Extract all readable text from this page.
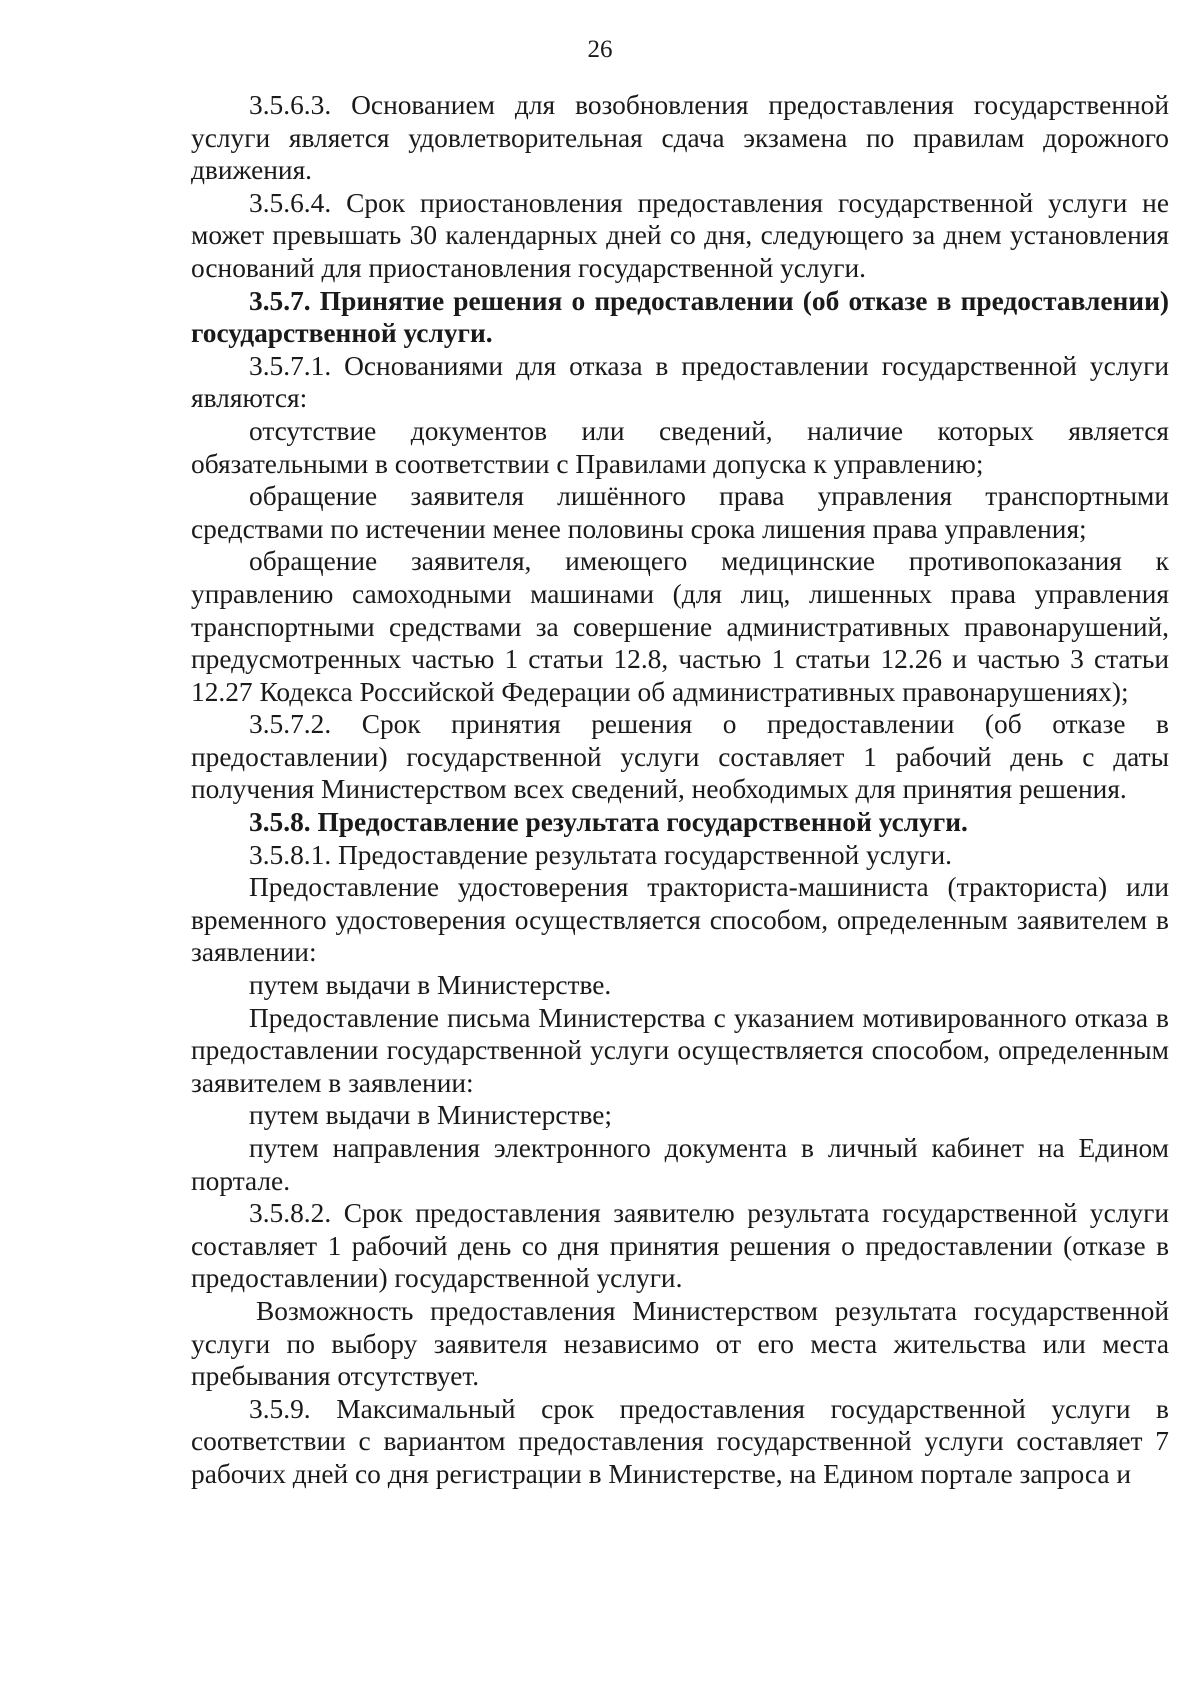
26

3.5.6.3. Основанием для возобновления предоставления государственной услуги является удовлетворительная сдача экзамена по правилам дорожного движения.

3.5.6.4. Срок приостановления предоставления государственной услуги не может превышать 30 календарных дней со дня, следующего за днем установления оснований для приостановления государственной услуги.

3.5.7. Принятие решения о предоставлении (об отказе в предоставлении) государственной услуги.

3.5.7.1. Основаниями для отказа в предоставлении государственной услуги являются:

отсутствие документов или сведений, наличие которых является обязательными в соответствии с Правилами допуска к управлению;

обращение заявителя лишённого права управления транспортными средствами по истечении менее половины срока лишения права управления;

обращение заявителя, имеющего медицинские противопоказания к управлению самоходными машинами (для лиц, лишенных права управления транспортными средствами за совершение административных правонарушений, предусмотренных частью 1 статьи 12.8, частью 1 статьи 12.26 и частью 3 статьи 12.27 Кодекса Российской Федерации об административных правонарушениях);

3.5.7.2. Срок принятия решения о предоставлении (об отказе в предоставлении) государственной услуги составляет 1 рабочий день с даты получения Министерством всех сведений, необходимых для принятия решения.

3.5.8. Предоставление результата государственной услуги.

3.5.8.1. Предоставдение результата государственной услуги.

Предоставление удостоверения тракториста-машиниста (тракториста) или временного удостоверения осуществляется способом, определенным заявителем в заявлении:

путем выдачи в Министерстве.

Предоставление письма Министерства с указанием мотивированного отказа в предоставлении государственной услуги осуществляется способом, определенным заявителем в заявлении:

путем выдачи в Министерстве;

путем направления электронного документа в личный кабинет на Едином портале.

3.5.8.2. Срок предоставления заявителю результата государственной услуги составляет 1 рабочий день со дня принятия решения о предоставлении (отказе в предоставлении) государственной услуги.

Возможность предоставления Министерством результата государственной услуги по выбору заявителя независимо от его места жительства или места пребывания отсутствует.

3.5.9. Максимальный срок предоставления государственной услуги в соответствии с вариантом предоставления государственной услуги составляет 7 рабочих дней со дня регистрации в Министерстве, на Едином портале запроса и
